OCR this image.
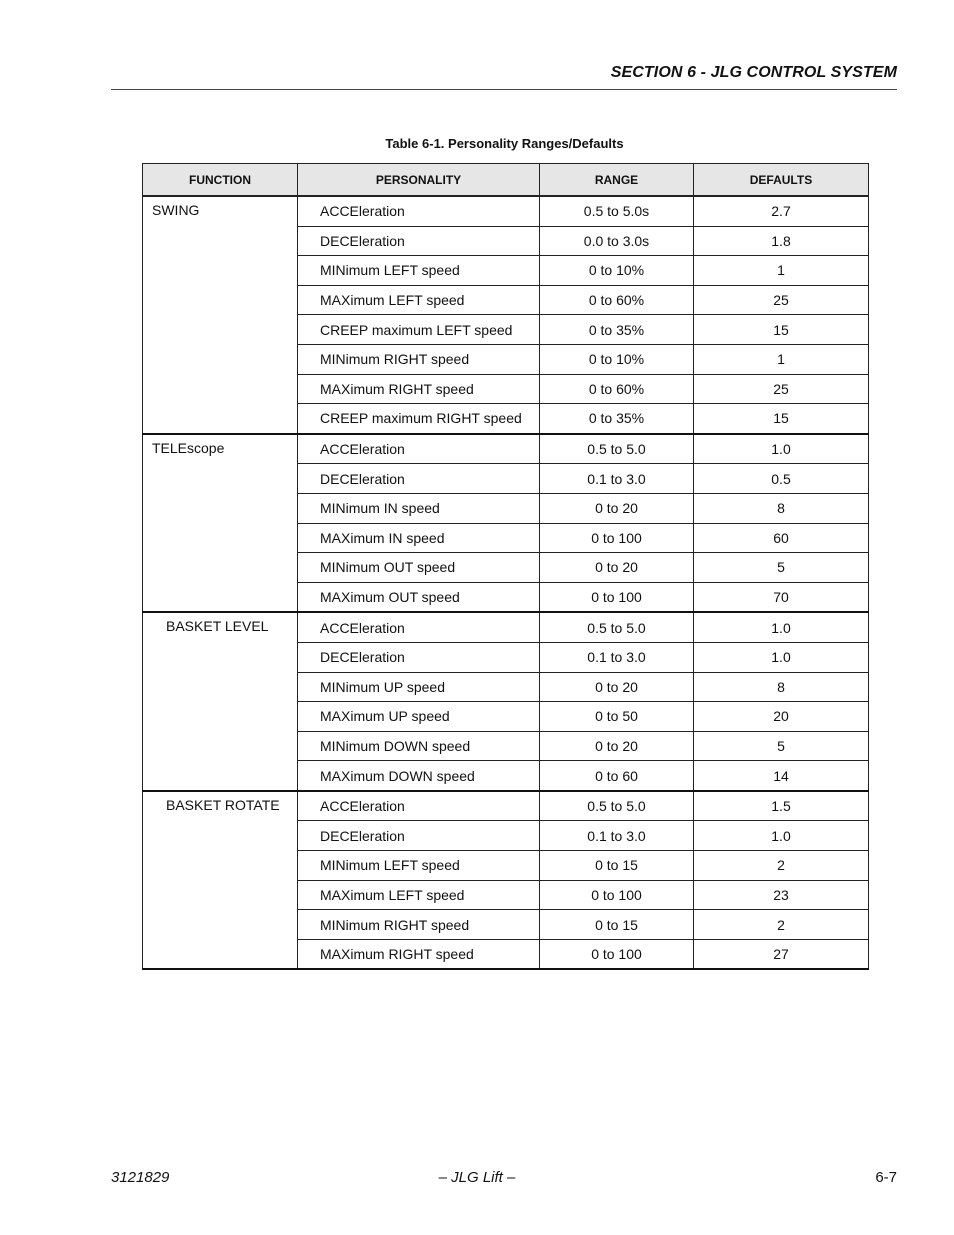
SECTION 6 - JLG CONTROL SYSTEM
Table 6-1. Personality Ranges/Defaults
FUNCTION	PERSONALITY	RANGE	DEFAULTS
SWING	ACCEleration	0.5 to 5.0s	2.7
	DECEleration	0.0 to 3.0s	1.8
	MINimum LEFT speed	0 to 10%	1
	MAXimum LEFT speed	0 to 60%	25
	CREEP maximum LEFT speed	0 to 35%	15
	MINimum RIGHT speed	0 to 10%	1
	MAXimum RIGHT speed	0 to 60%	25
	CREEP maximum RIGHT speed	0 to 35%	15
TELEscope	ACCEleration	0.5 to 5.0	1.0
	DECEleration	0.1 to 3.0	0.5
	MINimum IN speed	0 to 20	8
	MAXimum IN speed	0 to 100	60
	MINimum OUT speed	0 to 20	5
	MAXimum OUT speed	0 to 100	70
BASKET LEVEL	ACCEleration	0.5 to 5.0	1.0
	DECEleration	0.1 to 3.0	1.0
	MINimum UP speed	0 to 20	8
	MAXimum UP speed	0 to 50	20
	MINimum DOWN speed	0 to 20	5
	MAXimum DOWN speed	0 to 60	14
BASKET ROTATE	ACCEleration	0.5 to 5.0	1.5
	DECEleration	0.1 to 3.0	1.0
	MINimum LEFT speed	0 to 15	2
	MAXimum LEFT speed	0 to 100	23
	MINimum RIGHT speed	0 to 15	2
	MAXimum RIGHT speed	0 to 100	27
3121829	– JLG Lift –	6-7
